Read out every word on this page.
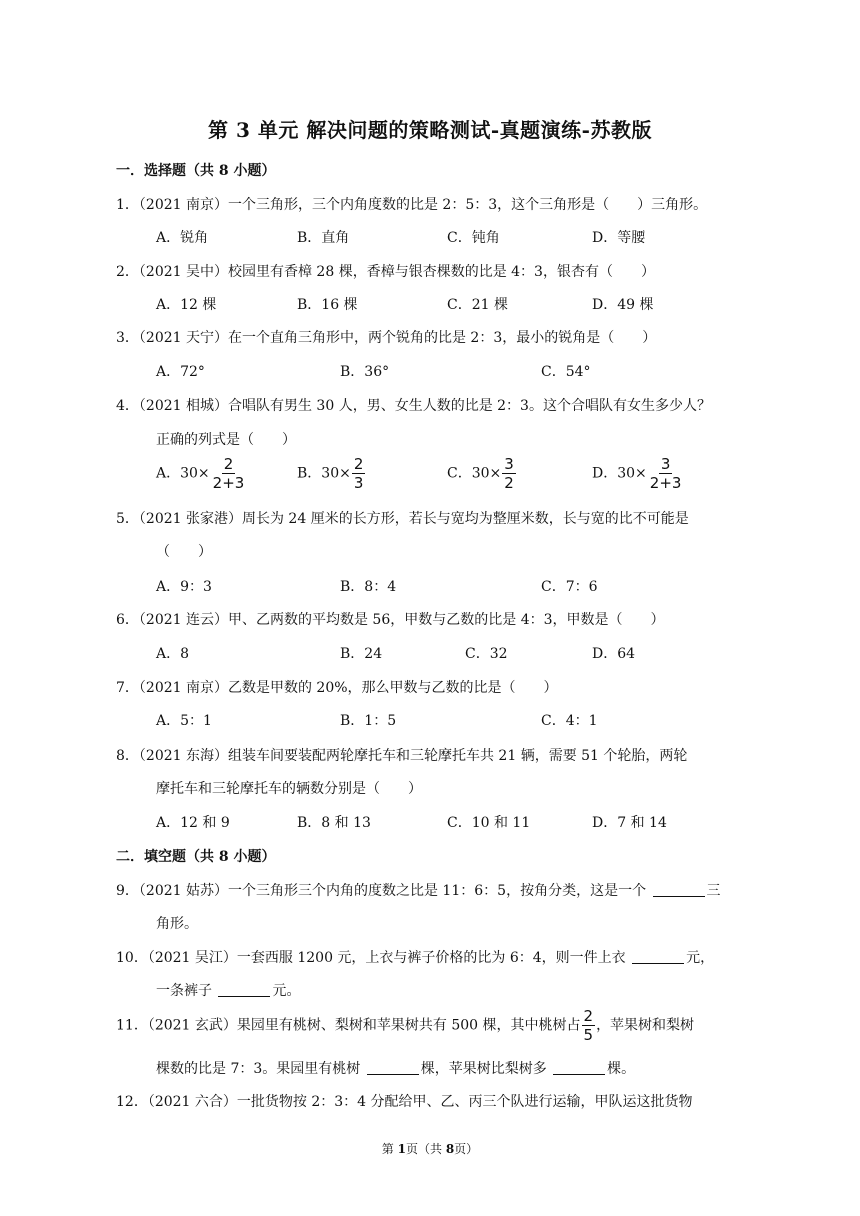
第 3 单元 解决问题的策略测试-真题演练-苏教版
一．选择题（共 8 小题）
1．（2021 南京）一个三角形，三个内角度数的比是 2：5：3，这个三角形是（　　）三角形。
A．锐角	B．直角	C．钝角	D．等腰
2．（2021 吴中）校园里有香樟 28 棵，香樟与银杏棵数的比是 4：3，银杏有（　　）
A．12 棵	B．16 棵	C．21 棵	D．49 棵
3．（2021 天宁）在一个直角三角形中，两个锐角的比是 2：3，最小的锐角是（　　）
A．72°	B．36°	C．54°
4．（2021 相城）合唱队有男生 30 人，男、女生人数的比是 2：3。这个合唱队有女生多少人？
正确的列式是（　　）
A．$30\times \frac{2}{2+3}$	B．$30\times \frac{2}{3}$	C．$30\times \frac{3}{2}$	D．$30\times \frac{3}{2+3}$
5．（2021 张家港）周长为 24 厘米的长方形，若长与宽均为整厘米数，长与宽的比不可能是
（　　）
A．9：3	B．8：4	C．7：6
6．（2021 连云）甲、乙两数的平均数是 56，甲数与乙数的比是 4：3，甲数是（　　）
A．8	B．24	C．32	D．64
7．（2021 南京）乙数是甲数的 20%，那么甲数与乙数的比是（　　）
A．5：1	B．1：5	C．4：1
8．（2021 东海）组装车间要装配两轮摩托车和三轮摩托车共 21 辆，需要 51 个轮胎，两轮
摩托车和三轮摩托车的辆数分别是（　　）
A．12 和 9	B．8 和 13	C．10 和 11	D．7 和 14
二．填空题（共 8 小题）
9．（2021 姑苏）一个三角形三个内角的度数之比是 11：6：5，按角分类，这是一个	三
角形。
10．（2021 吴江）一套西服 1200 元，上衣与裤子价格的比为 6：4，则一件上衣	元，
一条裤子	元。
11．（2021 玄武）果园里有桃树、梨树和苹果树共有 500 棵，其中桃树占 $\frac{2}{5}$ ，苹果树和梨树
棵数的比是 7：3。果园里有桃树	棵，苹果树比梨树多	棵。
12．（2021 六合）一批货物按 2：3：4 分配给甲、乙、丙三个队进行运输，甲队运这批货物
第 1页（共 8页）
